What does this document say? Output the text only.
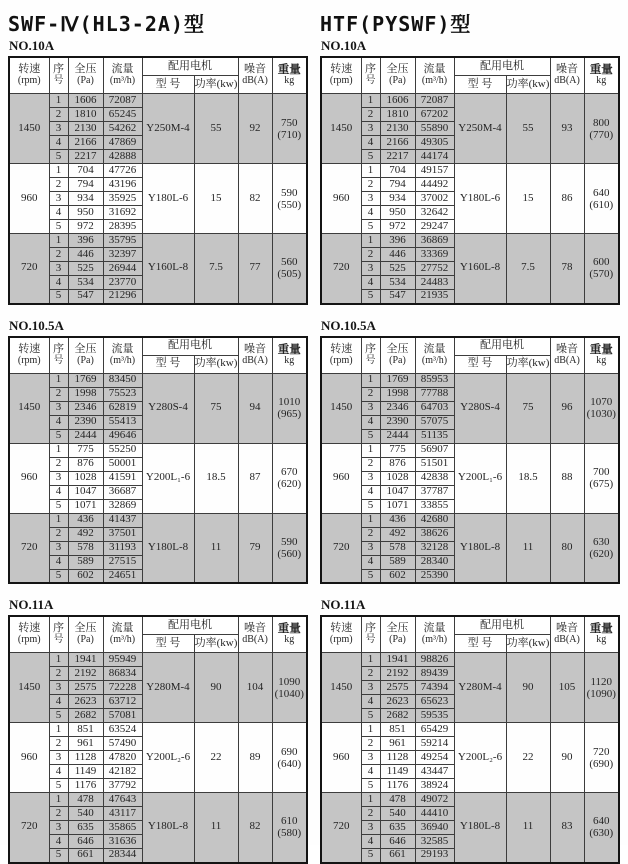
SWF-Ⅳ(HL3-2A)型
NO.10A
转速
(rpm)

序
号

全压
(Pa)

流量
(m³/h)

配用电机	噪音
dB(A)

重量
kg

				型 号	功率(kw)		

1450	1	1606	72087	Y250M-4	55	92	750
(710)

	2	1810	65245				
	3	2130	54262				
	4	2166	47869				
	5	2217	42888				
960	1	704	47726	Y180L-6	15	82	590
(550)

	2	794	43196				
	3	934	35925				
	4	950	31692				
	5	972	28395				
720	1	396	35795	Y160L-8	7.5	77	560
(505)

	2	446	32397				
	3	525	26944				
	4	534	23770				
	5	547	21296				
NO.10.5A
转速
(rpm)

序
号

全压
(Pa)

流量
(m³/h)

配用电机	噪音
dB(A)

重量
kg

				型 号	功率(kw)		

1450	1	1769	83450	Y280S-4	75	94	1010
(965)

	2	1998	75523				
	3	2346	62819				
	4	2390	55413				
	5	2444	49646				
960	1	775	55250	Y200L₁-6	18.5	87	670
(620)

	2	876	50001				
	3	1028	41591				
	4	1047	36687				
	5	1071	32869				
720	1	436	41437	Y180L-8	11	79	590
(560)

	2	492	37501				
	3	578	31193				
	4	589	27515				
	5	602	24651				
NO.11A
转速
(rpm)

序
号

全压
(Pa)

流量
(m³/h)

配用电机	噪音
dB(A)

重量
kg

				型 号	功率(kw)		

1450	1	1941	95949	Y280M-4	90	104	1090
(1040)

	2	2192	86834				
	3	2575	72228				
	4	2623	63712				
	5	2682	57081				
960	1	851	63524	Y200L₂-6	22	89	690
(640)

	2	961	57490				
	3	1128	47820				
	4	1149	42182				
	5	1176	37792				
720	1	478	47643	Y180L-8	11	82	610
(580)

	2	540	43117				
	3	635	35865				
	4	646	31636				
	5	661	28344				
HTF(PYSWF)型
NO.10A
转速
(rpm)

序
号

全压
(Pa)

流量
(m³/h)

配用电机	噪音
dB(A)

重量
kg

				型 号	功率(kw)		

1450	1	1606	72087	Y250M-4	55	93	800
(770)

	2	1810	67202				
	3	2130	55890				
	4	2166	49305				
	5	2217	44174				
960	1	704	49157	Y180L-6	15	86	640
(610)

	2	794	44492				
	3	934	37002				
	4	950	32642				
	5	972	29247				
720	1	396	36869	Y160L-8	7.5	78	600
(570)

	2	446	33369				
	3	525	27752				
	4	534	24483				
	5	547	21935				
NO.10.5A
转速
(rpm)

序
号

全压
(Pa)

流量
(m³/h)

配用电机	噪音
dB(A)

重量
kg

				型 号	功率(kw)		

1450	1	1769	85953	Y280S-4	75	96	1070
(1030)

	2	1998	77788				
	3	2346	64703				
	4	2390	57075				
	5	2444	51135				
960	1	775	56907	Y200L₁-6	18.5	88	700
(675)

	2	876	51501				
	3	1028	42838				
	4	1047	37787				
	5	1071	33855				
720	1	436	42680	Y180L-8	11	80	630
(620)

	2	492	38626				
	3	578	32128				
	4	589	28340				
	5	602	25390				
NO.11A
转速
(rpm)

序
号

全压
(Pa)

流量
(m³/h)

配用电机	噪音
dB(A)

重量
kg

				型 号	功率(kw)		

1450	1	1941	98826	Y280M-4	90	105	1120
(1090)

	2	2192	89439				
	3	2575	74394				
	4	2623	65623				
	5	2682	59535				
960	1	851	65429	Y200L₂-6	22	90	720
(690)

	2	961	59214				
	3	1128	49254				
	4	1149	43447				
	5	1176	38924				
720	1	478	49072	Y180L-8	11	83	640
(630)

	2	540	44410				
	3	635	36940				
	4	646	32585				
	5	661	29193				
